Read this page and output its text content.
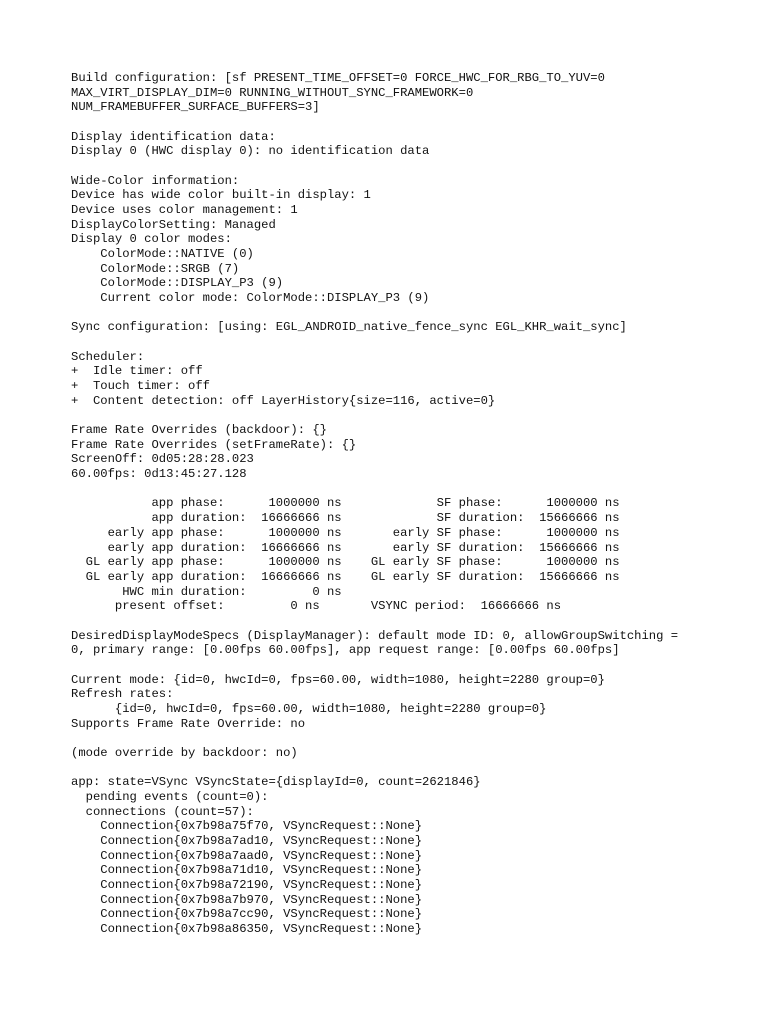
Build configuration: [sf PRESENT_TIME_OFFSET=0 FORCE_HWC_FOR_RBG_TO_YUV=0
MAX_VIRT_DISPLAY_DIM=0 RUNNING_WITHOUT_SYNC_FRAMEWORK=0
NUM_FRAMEBUFFER_SURFACE_BUFFERS=3]
Display identification data:
Display 0 (HWC display 0): no identification data
Wide-Color information:
Device has wide color built-in display: 1
Device uses color management: 1
DisplayColorSetting: Managed
Display 0 color modes:
ColorMode::NATIVE (0)
ColorMode::SRGB (7)
ColorMode::DISPLAY_P3 (9)
Current color mode: ColorMode::DISPLAY_P3 (9)
Sync configuration: [using: EGL_ANDROID_native_fence_sync EGL_KHR_wait_sync]
Scheduler:
+  Idle timer: off
+  Touch timer: off
+  Content detection: off LayerHistory{size=116, active=0}
Frame Rate Overrides (backdoor): {}
Frame Rate Overrides (setFrameRate): {}
ScreenOff: 0d05:28:28.023
60.00fps: 0d13:45:27.128
app phase:      1000000 ns             SF phase:      1000000 ns
app duration:  16666666 ns             SF duration:  15666666 ns
early app phase:      1000000 ns       early SF phase:      1000000 ns
early app duration:  16666666 ns       early SF duration:  15666666 ns
GL early app phase:      1000000 ns    GL early SF phase:      1000000 ns
GL early app duration:  16666666 ns    GL early SF duration:  15666666 ns
HWC min duration:         0 ns
present offset:         0 ns       VSYNC period:  16666666 ns
DesiredDisplayModeSpecs (DisplayManager): default mode ID: 0, allowGroupSwitching =
0, primary range: [0.00fps 60.00fps], app request range: [0.00fps 60.00fps]
Current mode: {id=0, hwcId=0, fps=60.00, width=1080, height=2280 group=0}
Refresh rates:
{id=0, hwcId=0, fps=60.00, width=1080, height=2280 group=0}
Supports Frame Rate Override: no
(mode override by backdoor: no)
app: state=VSync VSyncState={displayId=0, count=2621846}
pending events (count=0):
connections (count=57):
Connection{0x7b98a75f70, VSyncRequest::None}
Connection{0x7b98a7ad10, VSyncRequest::None}
Connection{0x7b98a7aad0, VSyncRequest::None}
Connection{0x7b98a71d10, VSyncRequest::None}
Connection{0x7b98a72190, VSyncRequest::None}
Connection{0x7b98a7b970, VSyncRequest::None}
Connection{0x7b98a7cc90, VSyncRequest::None}
Connection{0x7b98a86350, VSyncRequest::None}
